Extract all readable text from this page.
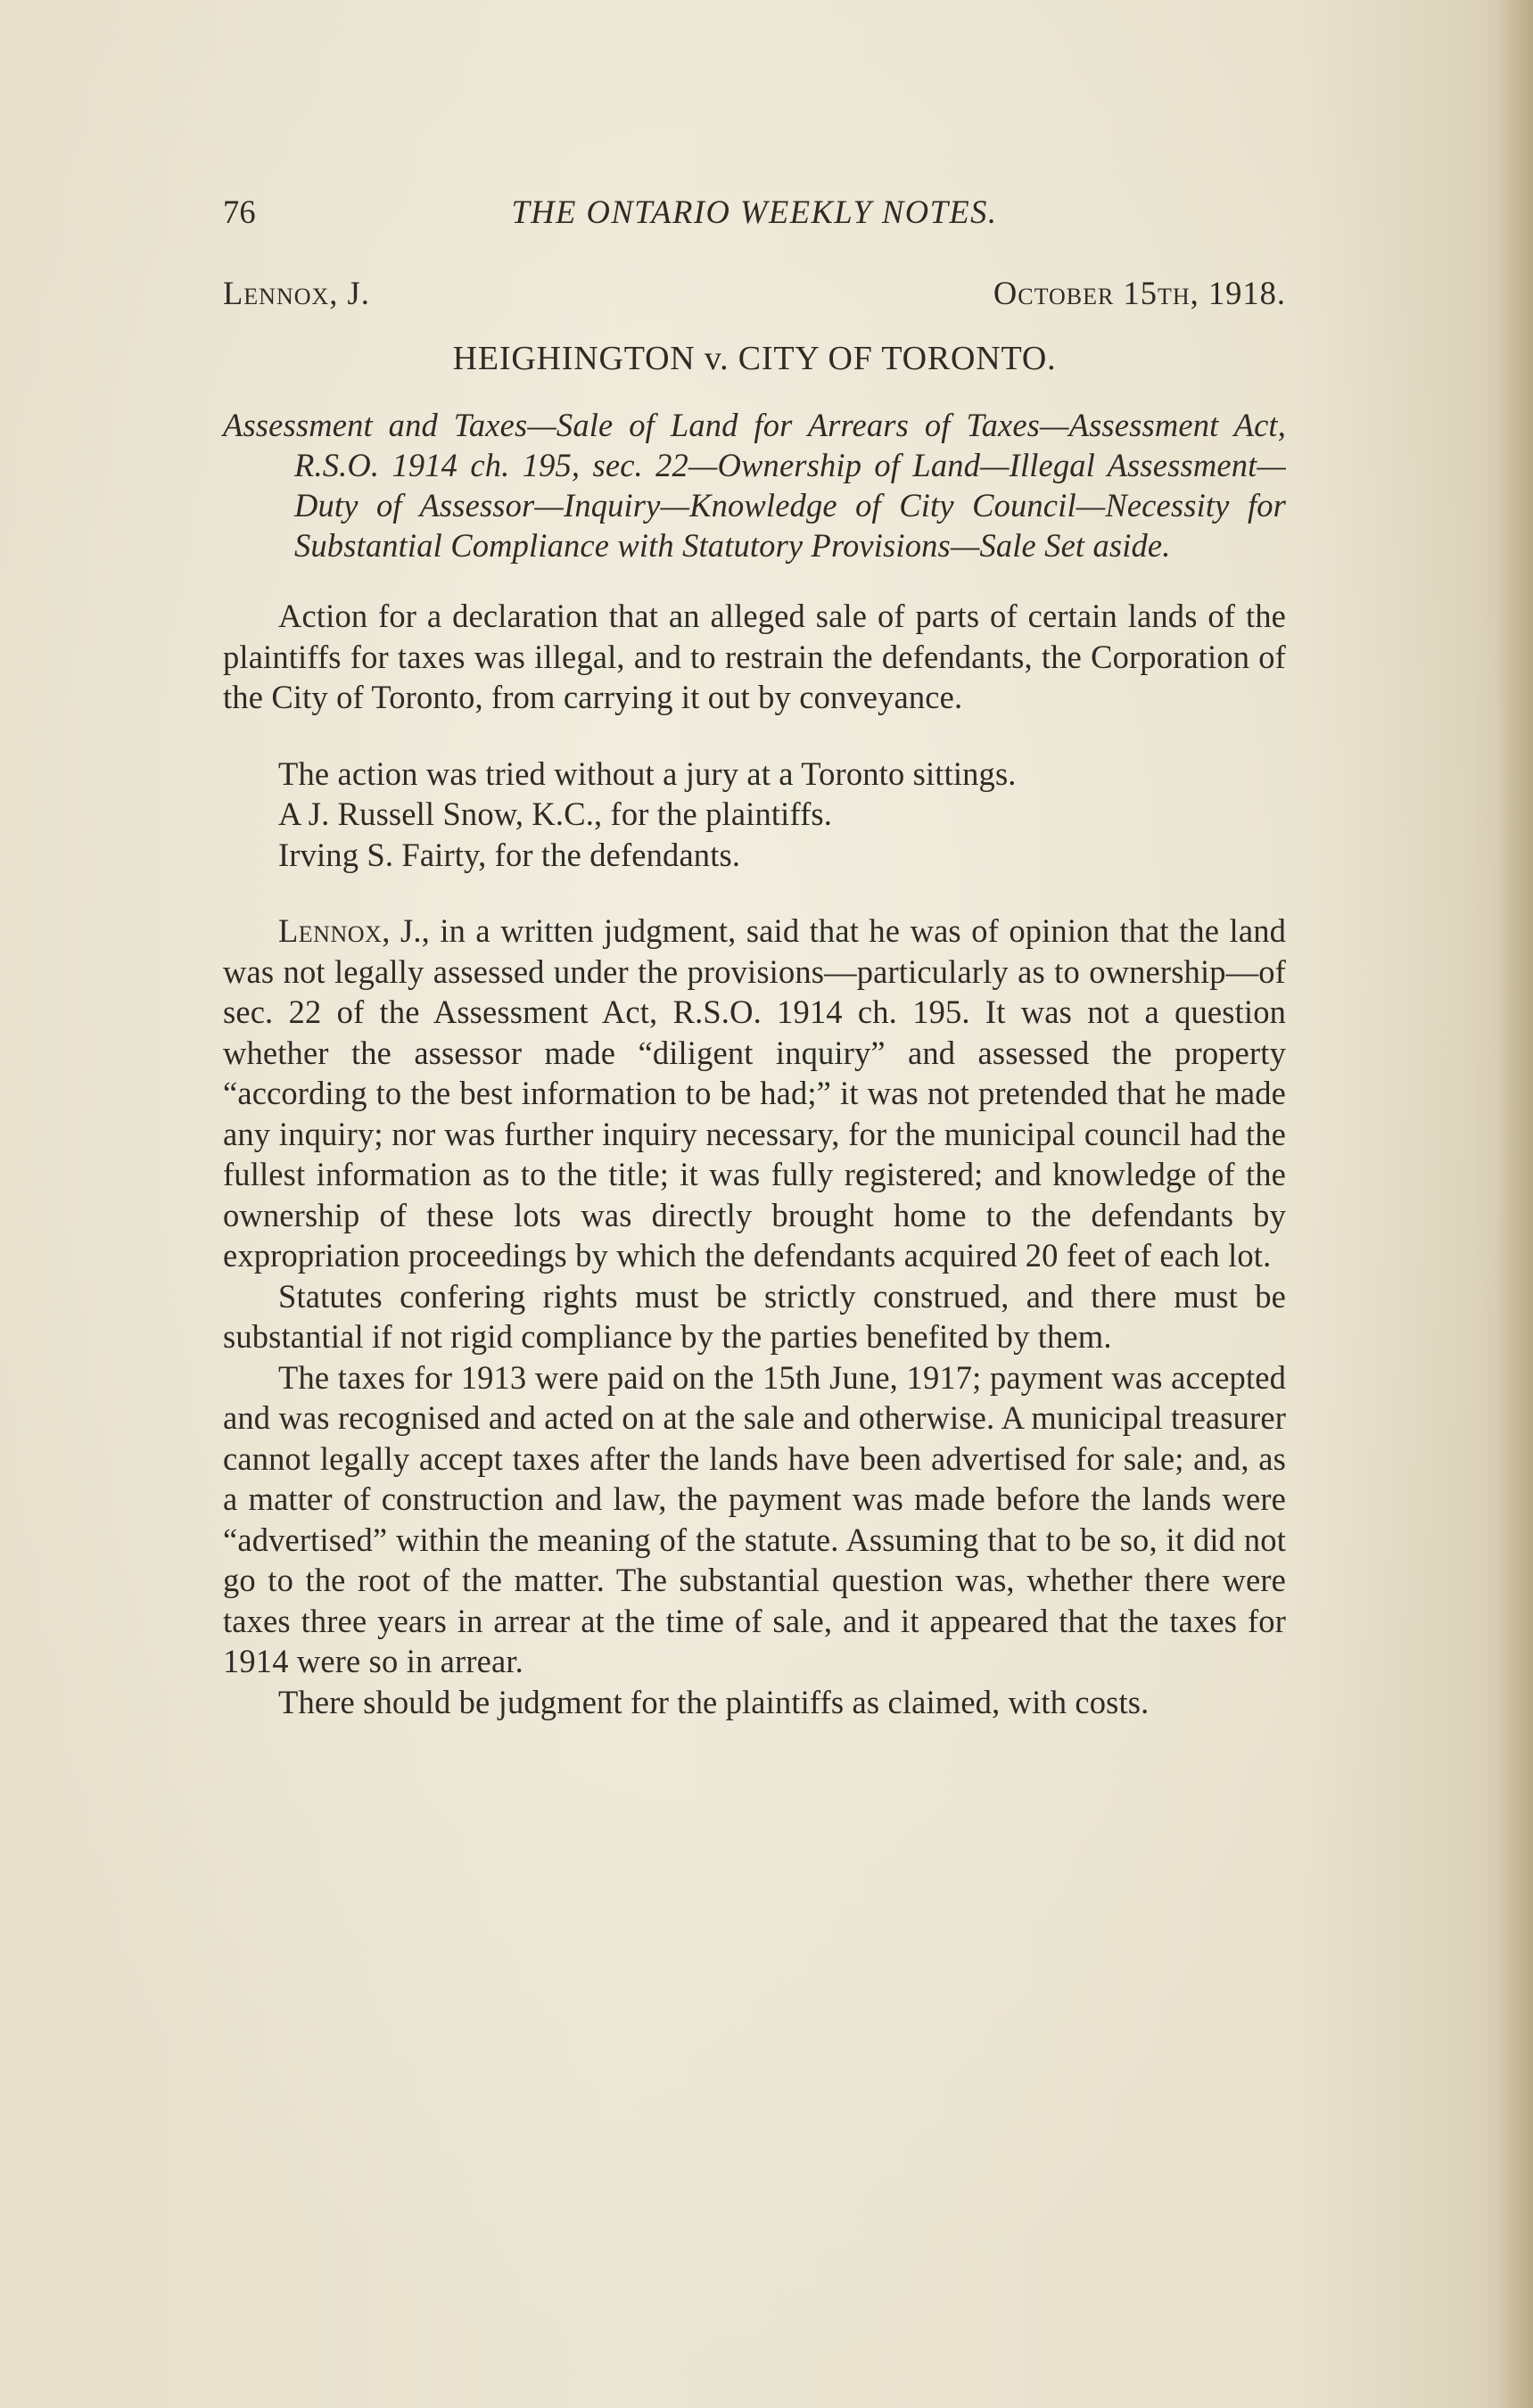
76	THE ONTARIO WEEKLY NOTES.
Lennox, J.	October 15th, 1918.
HEIGHINGTON v. CITY OF TORONTO.
Assessment and Taxes—Sale of Land for Arrears of Taxes—Assessment Act, R.S.O. 1914 ch. 195, sec. 22—Ownership of Land—Illegal Assessment—Duty of Assessor—Inquiry—Knowledge of City Council—Necessity for Substantial Compliance with Statutory Provisions—Sale Set aside.
Action for a declaration that an alleged sale of parts of certain lands of the plaintiffs for taxes was illegal, and to restrain the defendants, the Corporation of the City of Toronto, from carrying it out by conveyance.
The action was tried without a jury at a Toronto sittings.
A J. Russell Snow, K.C., for the plaintiffs.
Irving S. Fairty, for the defendants.
Lennox, J., in a written judgment, said that he was of opinion that the land was not legally assessed under the provisions—particularly as to ownership—of sec. 22 of the Assessment Act, R.S.O. 1914 ch. 195. It was not a question whether the assessor made “diligent inquiry” and assessed the property “according to the best information to be had;” it was not pretended that he made any inquiry; nor was further inquiry necessary, for the municipal council had the fullest information as to the title; it was fully registered; and knowledge of the ownership of these lots was directly brought home to the defendants by expropriation proceedings by which the defendants acquired 20 feet of each lot.
Statutes confering rights must be strictly construed, and there must be substantial if not rigid compliance by the parties benefited by them.
The taxes for 1913 were paid on the 15th June, 1917; payment was accepted and was recognised and acted on at the sale and otherwise. A municipal treasurer cannot legally accept taxes after the lands have been advertised for sale; and, as a matter of construction and law, the payment was made before the lands were “advertised” within the meaning of the statute. Assuming that to be so, it did not go to the root of the matter. The substantial question was, whether there were taxes three years in arrear at the time of sale, and it appeared that the taxes for 1914 were so in arrear.
There should be judgment for the plaintiffs as claimed, with costs.
